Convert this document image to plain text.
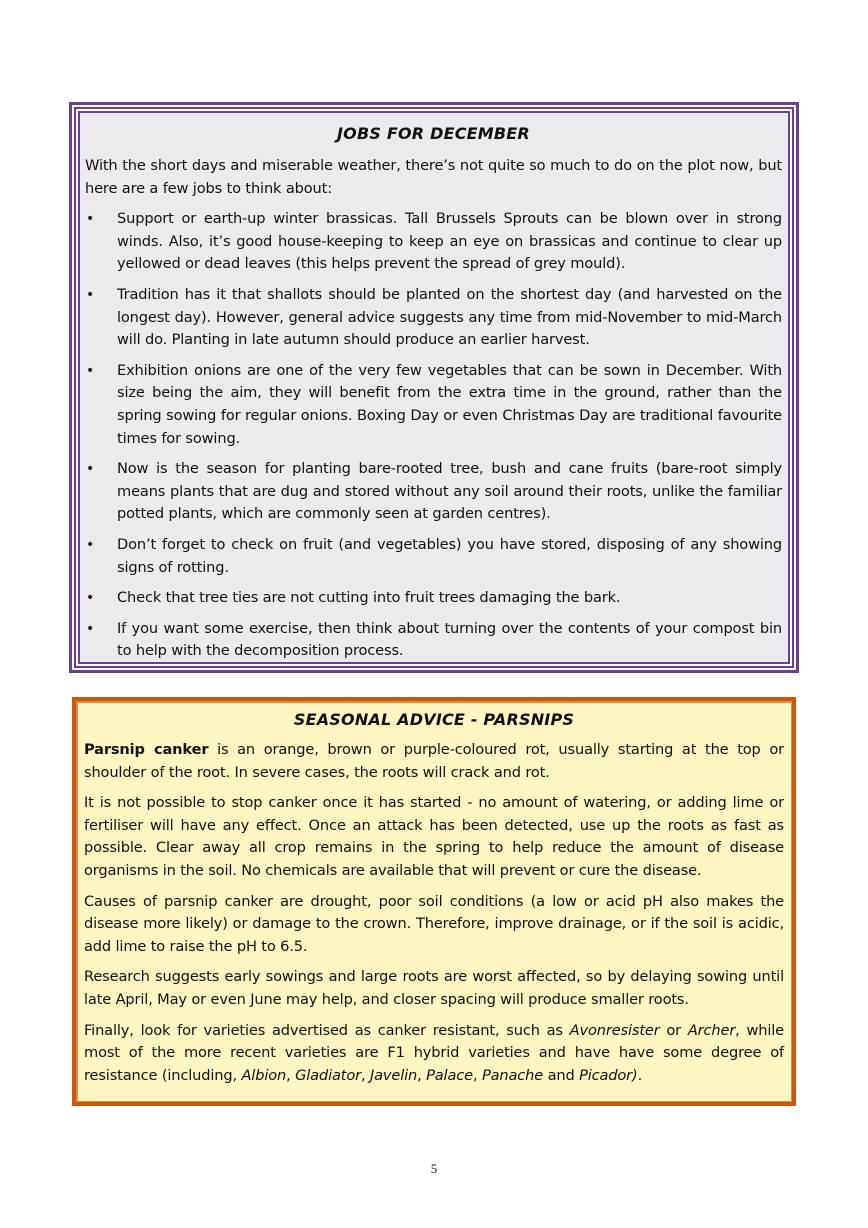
JOBS FOR DECEMBER

With the short days and miserable weather, there’s not quite so much to do on the plot now, but here are a few jobs to think about:

• Support or earth-up winter brassicas. Tall Brussels Sprouts can be blown over in strong winds. Also, it’s good house-keeping to keep an eye on brassicas and continue to clear up yellowed or dead leaves (this helps prevent the spread of grey mould).
• Tradition has it that shallots should be planted on the shortest day (and harvested on the longest day). However, general advice suggests any time from mid-November to mid-March will do. Planting in late autumn should produce an earlier harvest.
• Exhibition onions are one of the very few vegetables that can be sown in December. With size being the aim, they will benefit from the extra time in the ground, rather than the spring sowing for regular onions. Boxing Day or even Christmas Day are traditional favourite times for sowing.
• Now is the season for planting bare-rooted tree, bush and cane fruits (bare-root simply means plants that are dug and stored without any soil around their roots, unlike the familiar potted plants, which are commonly seen at garden centres).
• Don’t forget to check on fruit (and vegetables) you have stored, disposing of any showing signs of rotting.
• Check that tree ties are not cutting into fruit trees damaging the bark.
• If you want some exercise, then think about turning over the contents of your compost bin to help with the decomposition process.
SEASONAL ADVICE - PARSNIPS

Parsnip canker is an orange, brown or purple-coloured rot, usually starting at the top or shoulder of the root. In severe cases, the roots will crack and rot.

It is not possible to stop canker once it has started - no amount of watering, or adding lime or fertiliser will have any effect. Once an attack has been detected, use up the roots as fast as possible. Clear away all crop remains in the spring to help reduce the amount of disease organisms in the soil. No chemicals are available that will prevent or cure the disease.

Causes of parsnip canker are drought, poor soil conditions (a low or acid pH also makes the disease more likely) or damage to the crown. Therefore, improve drainage, or if the soil is acidic, add lime to raise the pH to 6.5.

Research suggests early sowings and large roots are worst affected, so by delaying sowing until late April, May or even June may help, and closer spacing will produce smaller roots.

Finally, look for varieties advertised as canker resistant, such as Avonresister or Archer, while most of the more recent varieties are F1 hybrid varieties and have have some degree of resistance (including, Albion, Gladiator, Javelin, Palace, Panache and Picador).

5
